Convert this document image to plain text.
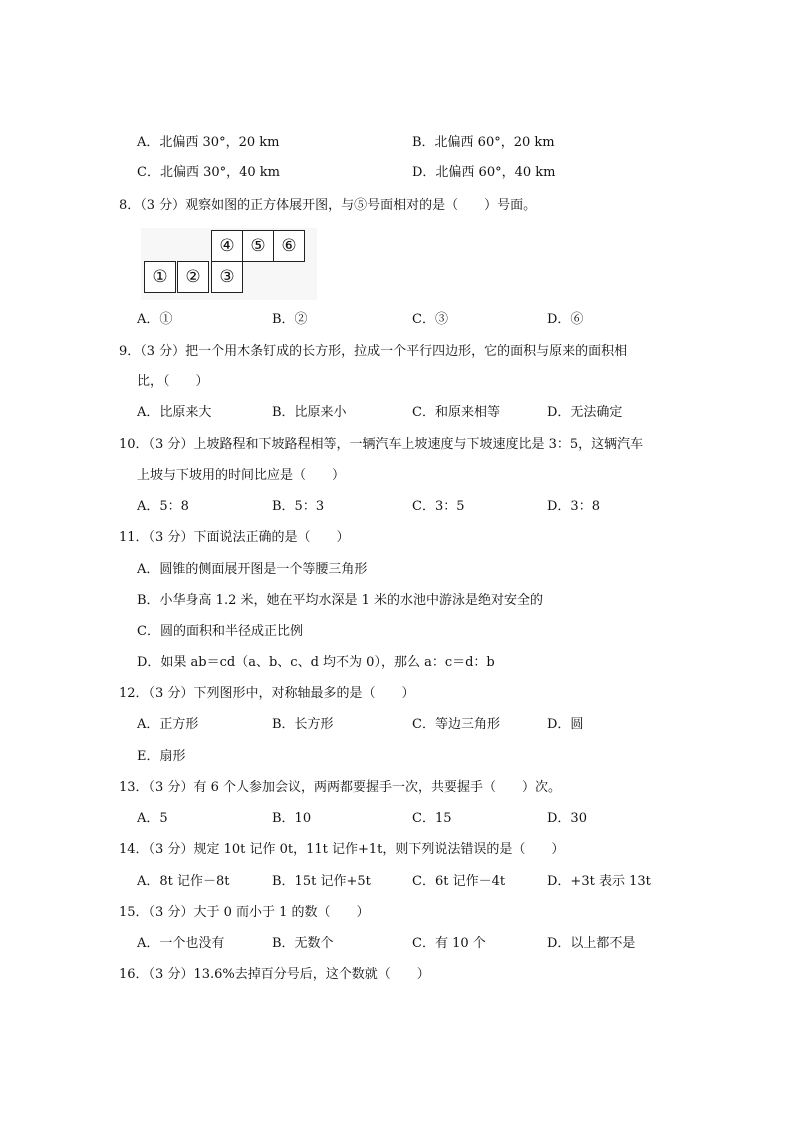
A．北偏西 30°，20 km	B．北偏西 60°，20 km
C．北偏西 30°，40 km	D．北偏西 60°，40 km
8．（3 分）观察如图的正方体展开图，与⑤号面相对的是（　　）号面。
④ ⑤ ⑥
①	②	③
A．①	B．②	C．③	D．⑥
9．（3 分）把一个用木条钉成的长方形，拉成一个平行四边形，它的面积与原来的面积相
比，（　　）
A．比原来大	B．比原来小	C．和原来相等	D．无法确定
10．（3 分）上坡路程和下坡路程相等，一辆汽车上坡速度与下坡速度比是 3：5，这辆汽车
上坡与下坡用的时间比应是（　　）
A．5：8	B．5：3	C．3：5	D．3：8
11．（3 分）下面说法正确的是（　　）
A．圆锥的侧面展开图是一个等腰三角形
B．小华身高 1.2 米，她在平均水深是 1 米的水池中游泳是绝对安全的
C．圆的面积和半径成正比例
D．如果 ab＝cd（a、b、c、d 均不为 0），那么 a：c＝d：b
12．（3 分）下列图形中，对称轴最多的是（　　）
A．正方形	B．长方形	C．等边三角形	D．圆
E．扇形
13．（3 分）有 6 个人参加会议，两两都要握手一次，共要握手（　　）次。
A．5	B．10	C．15	D．30
14．（3 分）规定 10t 记作 0t，11t 记作+1t，则下列说法错误的是（　　）
A．8t 记作－8t	B．15t 记作+5t	C．6t 记作－4t	D．+3t 表示 13t
15．（3 分）大于 0 而小于 1 的数（　　）
A．一个也没有	B．无数个	C．有 10 个	D．以上都不是
16．（3 分）13.6%去掉百分号后，这个数就（　　）
